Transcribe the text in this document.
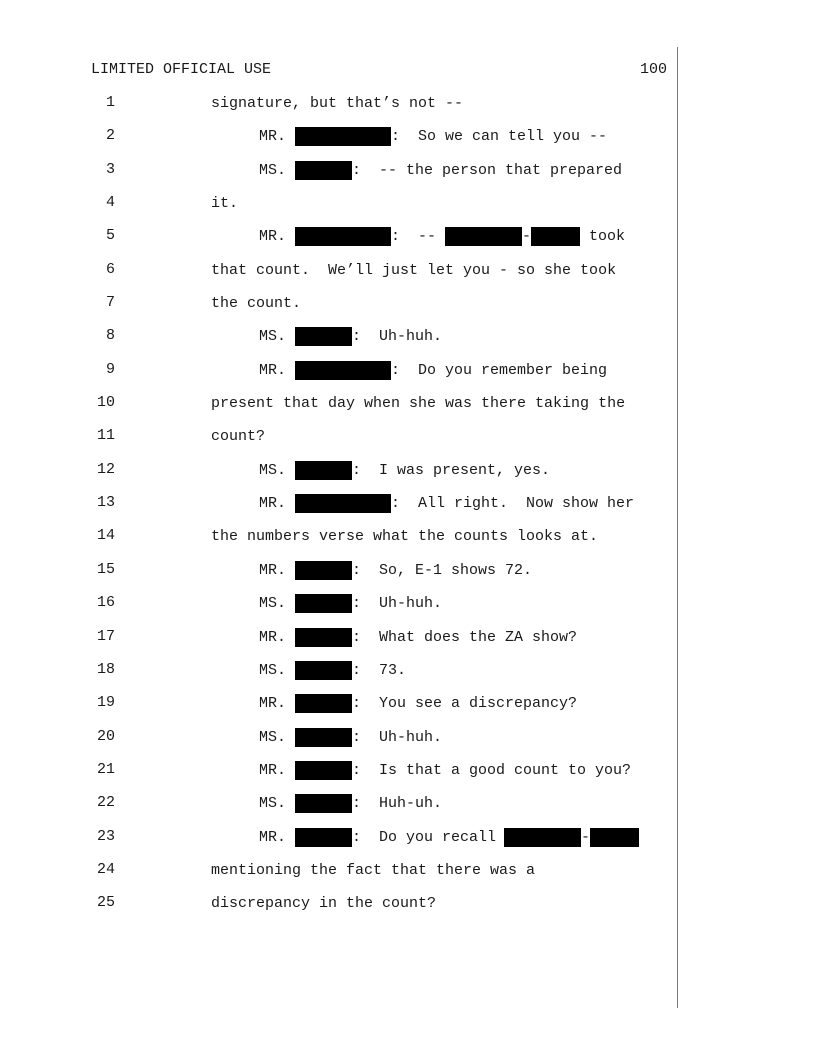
LIMITED OFFICIAL USE	100
1	signature, but that’s not --
2	MR.	:  So we can tell you --
3	MS.	:  -- the person that prepared
4	it.
5	MR.	:  --	-	took
6	that count.  We’ll just let you - so she took
7	the count.
8	MS.	:  Uh-huh.
9	MR.	:  Do you remember being
10	present that day when she was there taking the
11	count?
12	MS.	:  I was present, yes.
13	MR.	:  All right.  Now show her
14	the numbers verse what the counts looks at.
15	MR.	:  So, E-1 shows 72.
16	MS.	:  Uh-huh.
17	MR.	:  What does the ZA show?
18	MS.	:  73.
19	MR.	:  You see a discrepancy?
20	MS.	:  Uh-huh.
21	MR.	:  Is that a good count to you?
22	MS.	:  Huh-uh.
23	MR.	:  Do you recall	-
24	mentioning the fact that there was a
25	discrepancy in the count?
